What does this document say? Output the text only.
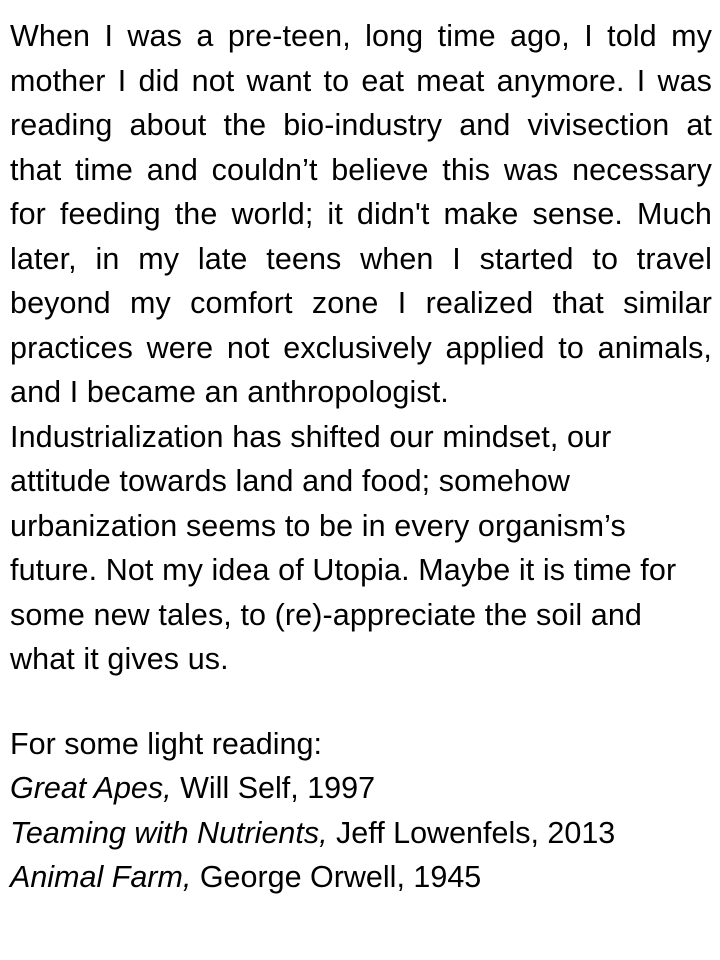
When I was a pre-teen, long time ago, I told my mother I did not want to eat meat anymore. I was reading about the bio-industry and vivisection at that time and couldn’t believe this was necessary for feeding the world; it didn't make sense. Much later, in my late teens when I started to travel beyond my comfort zone I realized that similar practices were not exclusively applied to animals, and I became an anthropologist.

Industrialization has shifted our mindset, our attitude towards land and food; somehow urbanization seems to be in every organism’s future. Not my idea of Utopia. Maybe it is time for some new tales, to (re)-appreciate the soil and what it gives us.

For some light reading:
Great Apes, Will Self, 1997
Teaming with Nutrients, Jeff Lowenfels, 2013
Animal Farm, George Orwell, 1945
